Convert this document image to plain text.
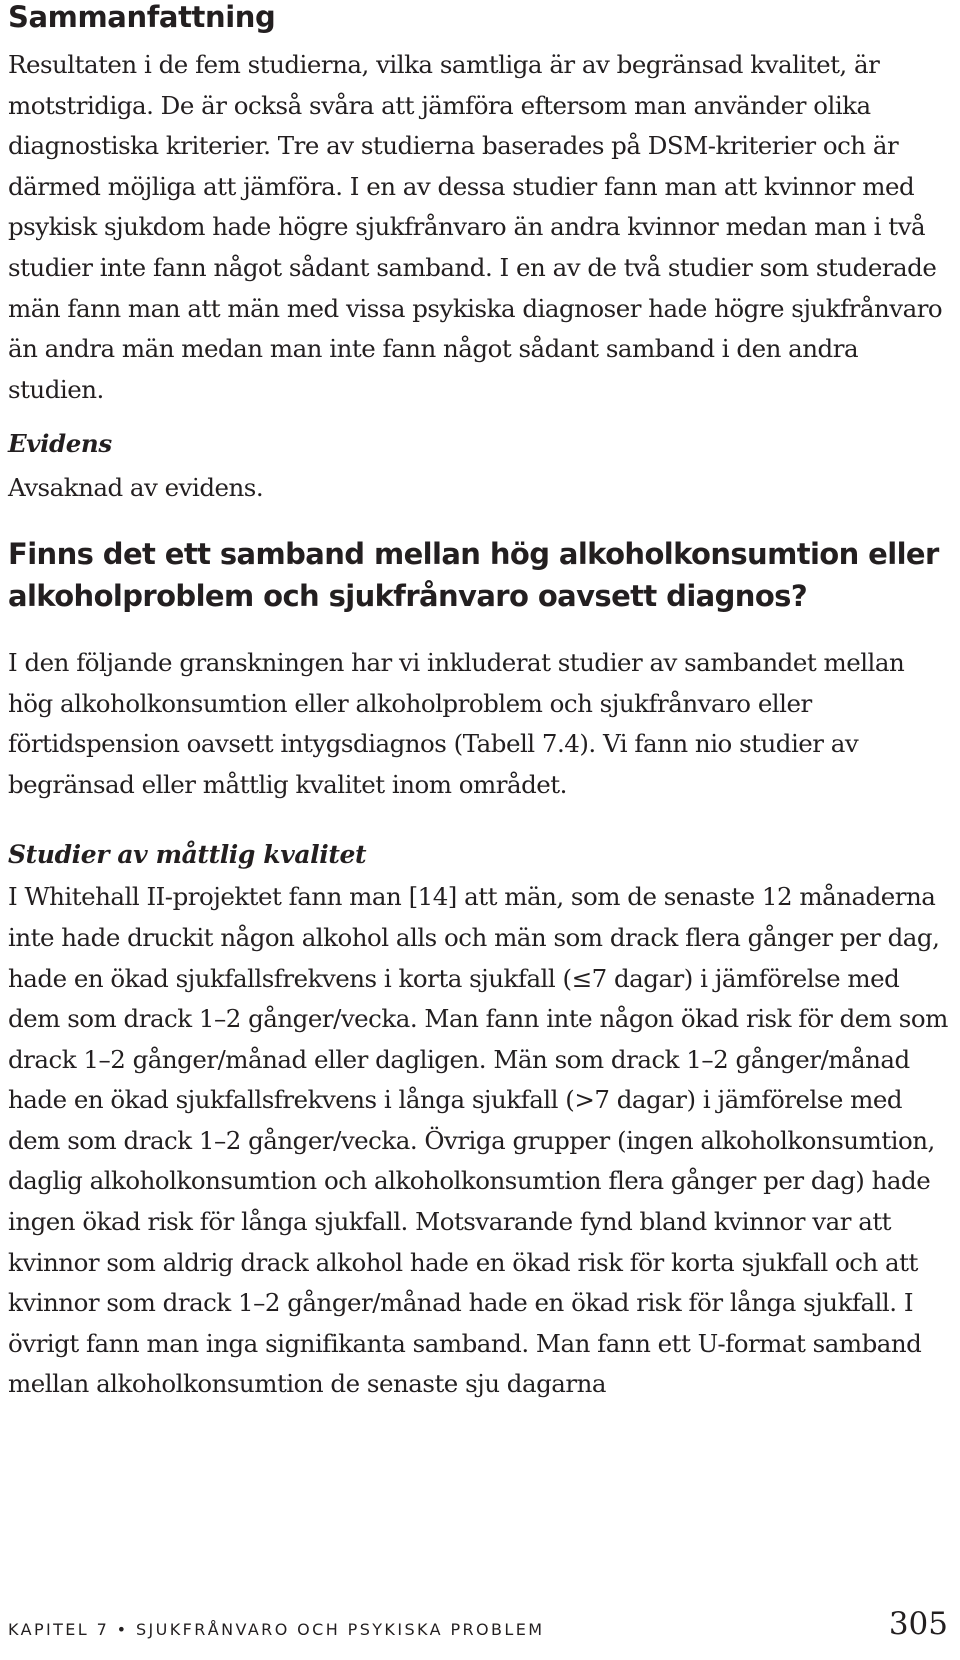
Sammanfattning

Resultaten i de fem studierna, vilka samtliga är av begränsad kvalitet, är motstridiga. De är också svåra att jämföra eftersom man använder olika diagnostiska kriterier. Tre av studierna baserades på DSM-kriterier och är därmed möjliga att jämföra. I en av dessa studier fann man att kvinnor med psykisk sjukdom hade högre sjukfrånvaro än andra kvinnor medan man i två studier inte fann något sådant samband. I en av de två studier som studerade män fann man att män med vissa psykiska diagnoser hade högre sjukfrånvaro än andra män medan man inte fann något sådant samband i den andra studien.

Evidens

Avsaknad av evidens.

Finns det ett samband mellan hög alkoholkonsumtion eller alkoholproblem och sjukfrånvaro oavsett diagnos?

I den följande granskningen har vi inkluderat studier av sambandet mellan hög alkoholkonsumtion eller alkoholproblem och sjukfrånvaro eller förtidspension oavsett intygsdiagnos (Tabell 7.4). Vi fann nio studier av begränsad eller måttlig kvalitet inom området.

Studier av måttlig kvalitet

I Whitehall II-projektet fann man [14] att män, som de senaste 12 månaderna inte hade druckit någon alkohol alls och män som drack flera gånger per dag, hade en ökad sjukfallsfrekvens i korta sjukfall (≤7 dagar) i jämförelse med dem som drack 1–2 gånger/vecka. Man fann inte någon ökad risk för dem som drack 1–2 gånger/månad eller dagligen. Män som drack 1–2 gånger/månad hade en ökad sjukfallsfrekvens i långa sjukfall (>7 dagar) i jämförelse med dem som drack 1–2 gånger/vecka. Övriga grupper (ingen alkoholkonsumtion, daglig alkoholkonsumtion och alkoholkonsumtion flera gånger per dag) hade ingen ökad risk för långa sjukfall. Motsvarande fynd bland kvinnor var att kvinnor som aldrig drack alkohol hade en ökad risk för korta sjukfall och att kvinnor som drack 1–2 gånger/månad hade en ökad risk för långa sjukfall. I övrigt fann man inga signifikanta samband. Man fann ett U-format samband mellan alkoholkonsumtion de senaste sju dagarna

KAPITEL 7 • SJUKFRÅNVARO OCH PSYKISKA PROBLEM	305
